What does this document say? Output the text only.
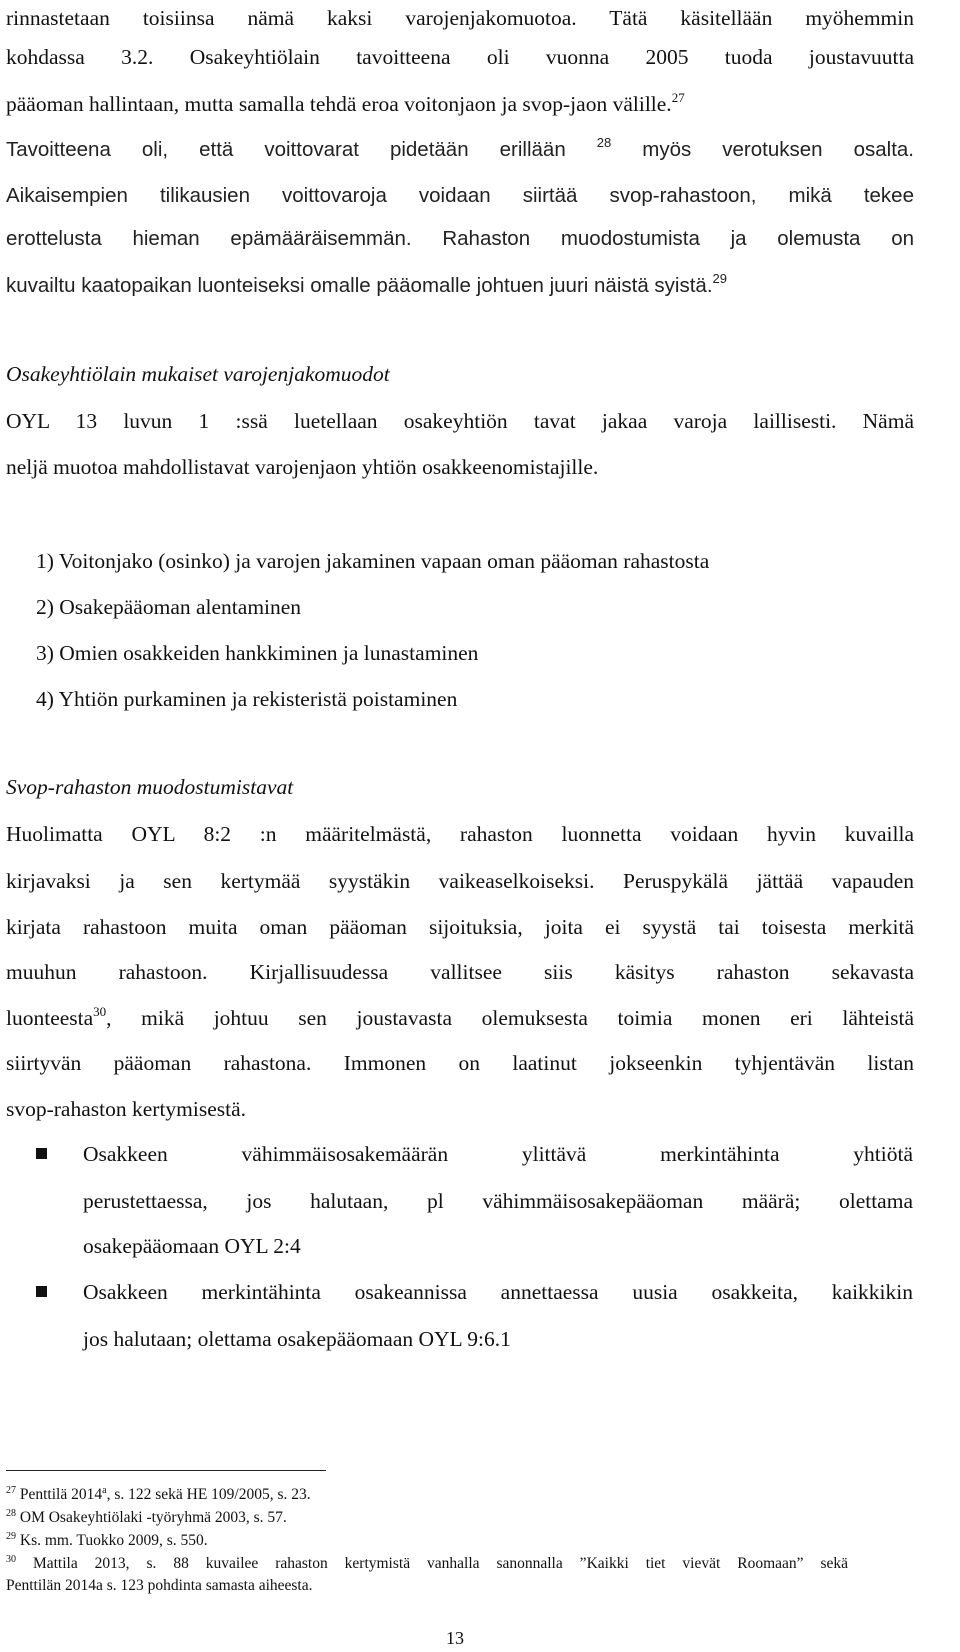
rinnastetaan toisiinsa nämä kaksi varojenjakomuotoa. Tätä käsitellään myöhemmin
kohdassa 3.2. Osakeyhtiölain tavoitteena oli vuonna 2005 tuoda joustavuutta
pääoman hallintaan, mutta samalla tehdä eroa voitonjaon ja svop-jaon välille.$^{27}$
Tavoitteena oli, että voittovarat pidetään erillään $^{28}$ myös verotuksen osalta.
Aikaisempien tilikausien voittovaroja voidaan siirtää svop-rahastoon, mikä tekee
erottelusta hieman epämääräisemmän. Rahaston muodostumista ja olemusta on
kuvailtu kaatopaikan luonteiseksi omalle pääomalle johtuen juuri näistä syistä.$^{29}$
Osakeyhtiölain mukaiset varojenjakomuodot
OYL 13 luvun 1 :ssä luetellaan osakeyhtiön tavat jakaa varoja laillisesti. Nämä
neljä muotoa mahdollistavat varojenjaon yhtiön osakkeenomistajille.
1) Voitonjako (osinko) ja varojen jakaminen vapaan oman pääoman rahastosta
2) Osakepääoman alentaminen
3) Omien osakkeiden hankkiminen ja lunastaminen
4) Yhtiön purkaminen ja rekisteristä poistaminen
Svop-rahaston muodostumistavat
Huolimatta OYL 8:2 :n määritelmästä, rahaston luonnetta voidaan hyvin kuvailla
kirjavaksi ja sen kertymää syystäkin vaikeaselkoiseksi. Peruspykälä jättää vapauden
kirjata rahastoon muita oman pääoman sijoituksia, joita ei syystä tai toisesta merkitä
muuhun rahastoon. Kirjallisuudessa vallitsee siis käsitys rahaston sekavasta
luonteesta$^{30}$, mikä johtuu sen joustavasta olemuksesta toimia monen eri lähteistä
siirtyvän pääoman rahastona. Immonen on laatinut jokseenkin tyhjentävän listan
svop-rahaston kertymisestä.
Osakkeen vähimmäisosakemäärän ylittävä merkintähinta yhtiötä
perustettaessa, jos halutaan, pl vähimmäisosakepääoman määrä; olettama
osakepääomaan OYL 2:4
Osakkeen merkintähinta osakeannissa annettaessa uusia osakkeita, kaikkikin
jos halutaan; olettama osakepääomaan OYL 9:6.1
$^{27}$ Penttilä 2014$^a$, s. 122 sekä HE 109/2005, s. 23.
$^{28}$ OM Osakeyhtiölaki -työryhmä 2003, s. 57.
$^{29}$ Ks. mm. Tuokko 2009, s. 550.
$^{30}$ Mattila 2013, s. 88 kuvailee rahaston kertymistä vanhalla sanonnalla ”Kaikki tiet vievät Roomaan” sekä
Penttilän 2014a s. 123 pohdinta samasta aiheesta.
13
